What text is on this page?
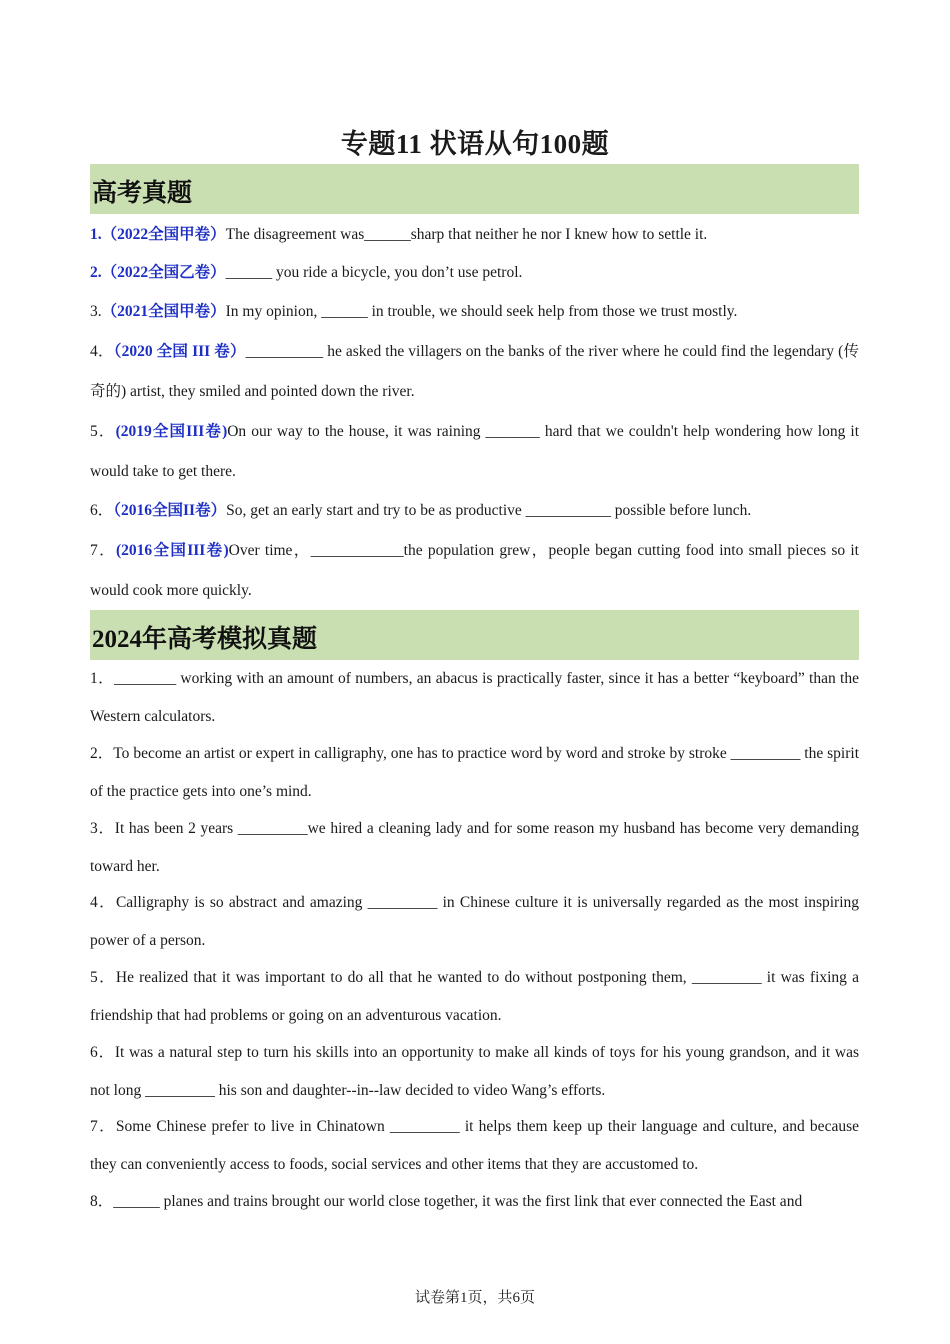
专题11 状语从句100题
高考真题
1.（2022全国甲卷）The disagreement was______sharp that neither he nor I knew how to settle it.
2.（2022全国乙卷）______ you ride a bicycle, you don’t use petrol.
3.（2021全国甲卷）In my opinion, ______ in trouble, we should seek help from those we trust mostly.
4．（2020 全国 III 卷）__________ he asked the villagers on the banks of the river where he could find the legendary (传奇的) artist, they smiled and pointed down the river.
5．(2019全国III卷)On our way to the house, it was raining _______ hard that we couldn't help wondering how long it would take to get there.
6．（2016全国II卷）So, get an early start and try to be as productive ___________ possible before lunch.
7．(2016全国III卷)Over time，____________the population grew，people began cutting food into small pieces so it would cook more quickly.
2024年高考模拟真题
1．________ working with an amount of numbers, an abacus is practically faster, since it has a better “keyboard” than the Western calculators.
2．To become an artist or expert in calligraphy, one has to practice word by word and stroke by stroke _________ the spirit of the practice gets into one’s mind.
3．It has been 2 years _________we hired a cleaning lady and for some reason my husband has become very demanding toward her.
4．Calligraphy is so abstract and amazing _________ in Chinese culture it is universally regarded as the most inspiring power of a person.
5．He realized that it was important to do all that he wanted to do without postponing them, _________ it was fixing a friendship that had problems or going on an adventurous vacation.
6．It was a natural step to turn his skills into an opportunity to make all kinds of toys for his young grandson, and it was not long _________ his son and daughter--in--law decided to video Wang’s efforts.
7．Some Chinese prefer to live in Chinatown _________ it helps them keep up their language and culture, and because they can conveniently access to foods, social services and other items that they are accustomed to.
8．______ planes and trains brought our world close together, it was the first link that ever connected the East and
试卷第1页，共6页
